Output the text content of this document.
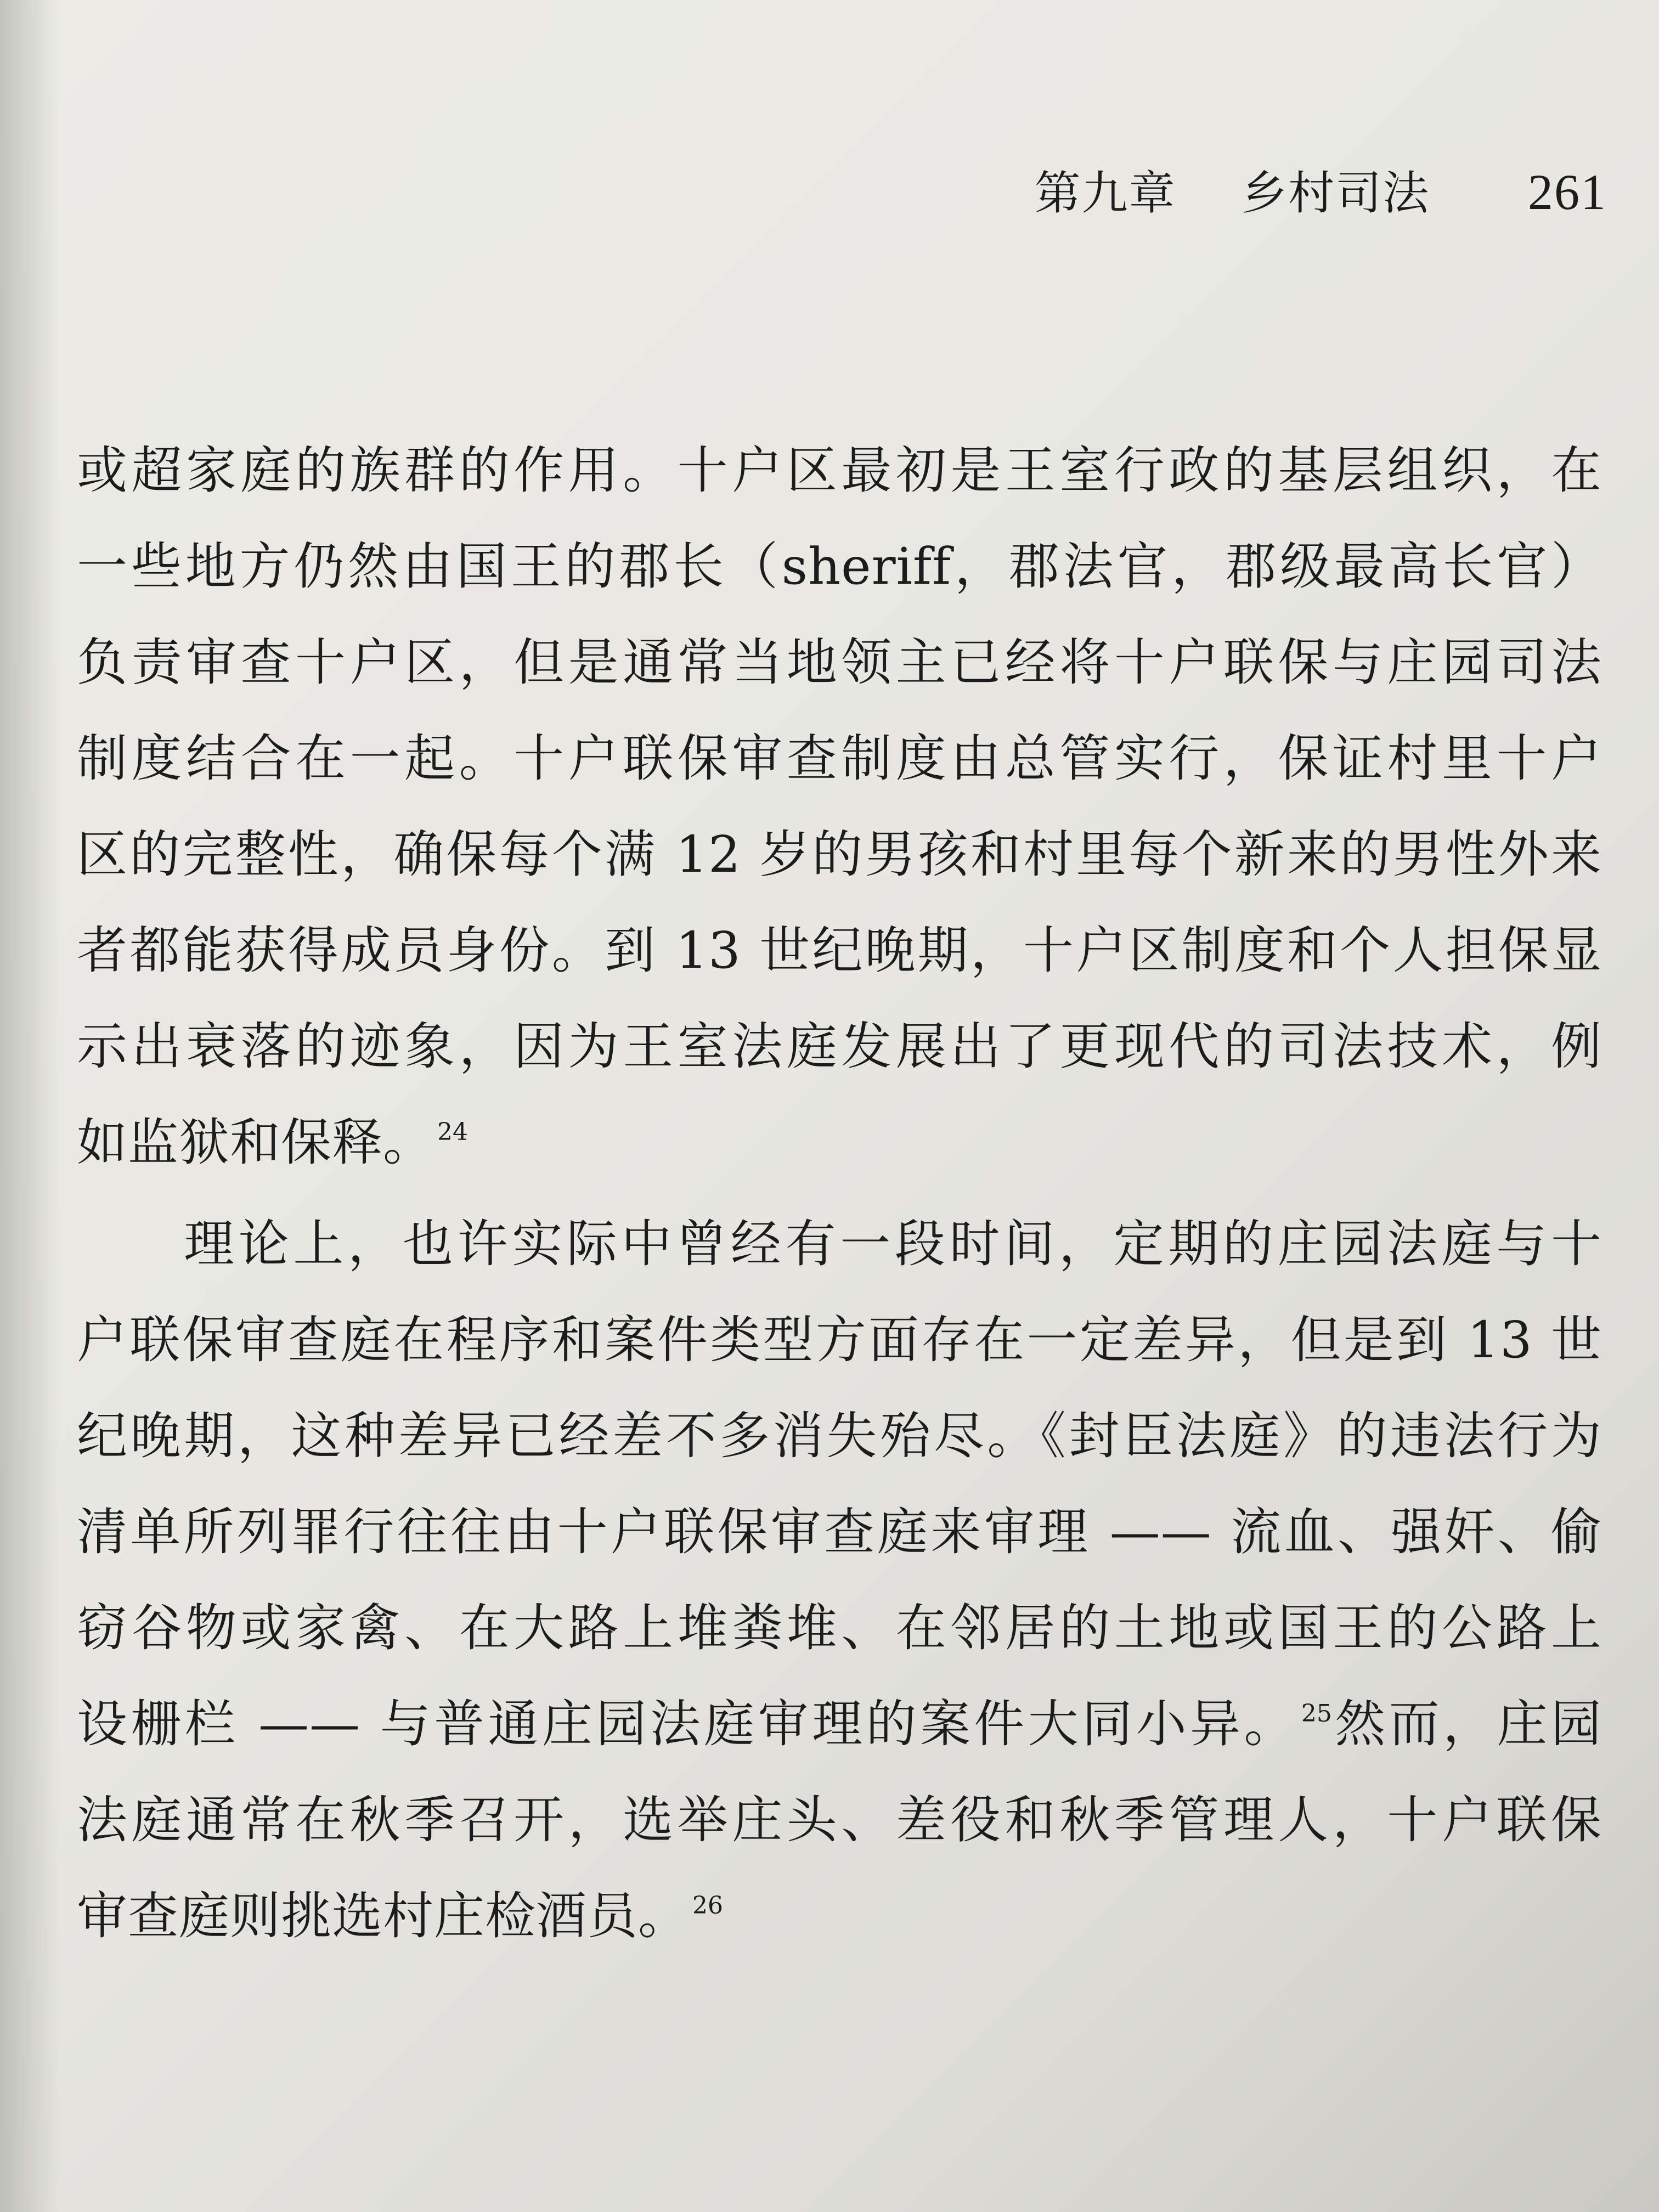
第九章 乡村司法 261
或超家庭的族群的作用。十户区最初是王室行政的基层组织，在
一些地方仍然由国王的郡长（sheriff，郡法官，郡级最高长官）
负责审查十户区，但是通常当地领主已经将十户联保与庄园司法
制度结合在一起。十户联保审查制度由总管实行，保证村里十户
区的完整性，确保每个满 12 岁的男孩和村里每个新来的男性外来
者都能获得成员身份。到 13 世纪晚期，十户区制度和个人担保显
示出衰落的迹象，因为王室法庭发展出了更现代的司法技术，例
如监狱和保释。 $^{24}$
理论上，也许实际中曾经有一段时间，定期的庄园法庭与十
户联保审查庭在程序和案件类型方面存在一定差异，但是到 13 世
纪晚期，这种差异已经差不多消失殆尽。《封臣法庭》的违法行为
清单所列罪行往往由十户联保审查庭来审理 —— 流血、强奸、偷
窃谷物或家禽、在大路上堆粪堆、在邻居的土地或国王的公路上
设栅栏 —— 与普通庄园法庭审理的案件大同小异。 $^{25}$然而，庄园
法庭通常在秋季召开，选举庄头、差役和秋季管理人，十户联保
审查庭则挑选村庄检酒员。 $^{26}$
